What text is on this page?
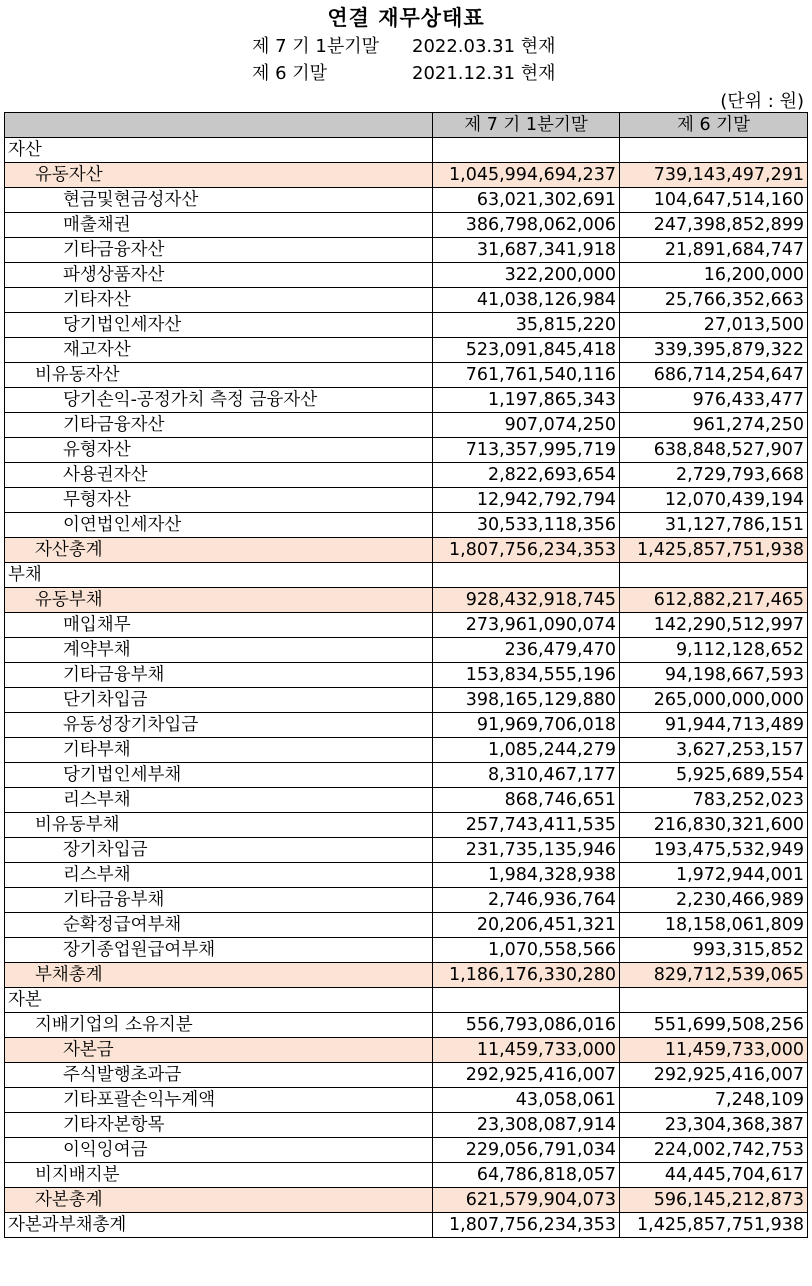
연결 재무상태표
제 7 기 1분기말 2022.03.31 현재
제 6 기말	2021.12.31 현재
(단위 : 원)
	제 7 기 1분기말	제 6 기말
자산		
유동자산	1,045,994,694,237	739,143,497,291
현금및현금성자산	63,021,302,691	104,647,514,160
매출채권	386,798,062,006	247,398,852,899
기타금융자산	31,687,341,918	21,891,684,747
파생상품자산	322,200,000	16,200,000
기타자산	41,038,126,984	25,766,352,663
당기법인세자산	35,815,220	27,013,500
재고자산	523,091,845,418	339,395,879,322
비유동자산	761,761,540,116	686,714,254,647
당기손익-공정가치 측정 금융자산	1,197,865,343	976,433,477
기타금융자산	907,074,250	961,274,250
유형자산	713,357,995,719	638,848,527,907
사용권자산	2,822,693,654	2,729,793,668
무형자산	12,942,792,794	12,070,439,194
이연법인세자산	30,533,118,356	31,127,786,151
자산총계	1,807,756,234,353	1,425,857,751,938
부채		
유동부채	928,432,918,745	612,882,217,465
매입채무	273,961,090,074	142,290,512,997
계약부채	236,479,470	9,112,128,652
기타금융부채	153,834,555,196	94,198,667,593
단기차입금	398,165,129,880	265,000,000,000
유동성장기차입금	91,969,706,018	91,944,713,489
기타부채	1,085,244,279	3,627,253,157
당기법인세부채	8,310,467,177	5,925,689,554
리스부채	868,746,651	783,252,023
비유동부채	257,743,411,535	216,830,321,600
장기차입금	231,735,135,946	193,475,532,949
리스부채	1,984,328,938	1,972,944,001
기타금융부채	2,746,936,764	2,230,466,989
순확정급여부채	20,206,451,321	18,158,061,809
장기종업원급여부채	1,070,558,566	993,315,852
부채총계	1,186,176,330,280	829,712,539,065
자본		
지배기업의 소유지분	556,793,086,016	551,699,508,256
자본금	11,459,733,000	11,459,733,000
주식발행초과금	292,925,416,007	292,925,416,007
기타포괄손익누계액	43,058,061	7,248,109
기타자본항목	23,308,087,914	23,304,368,387
이익잉여금	229,056,791,034	224,002,742,753
비지배지분	64,786,818,057	44,445,704,617
자본총계	621,579,904,073	596,145,212,873
자본과부채총계	1,807,756,234,353	1,425,857,751,938
